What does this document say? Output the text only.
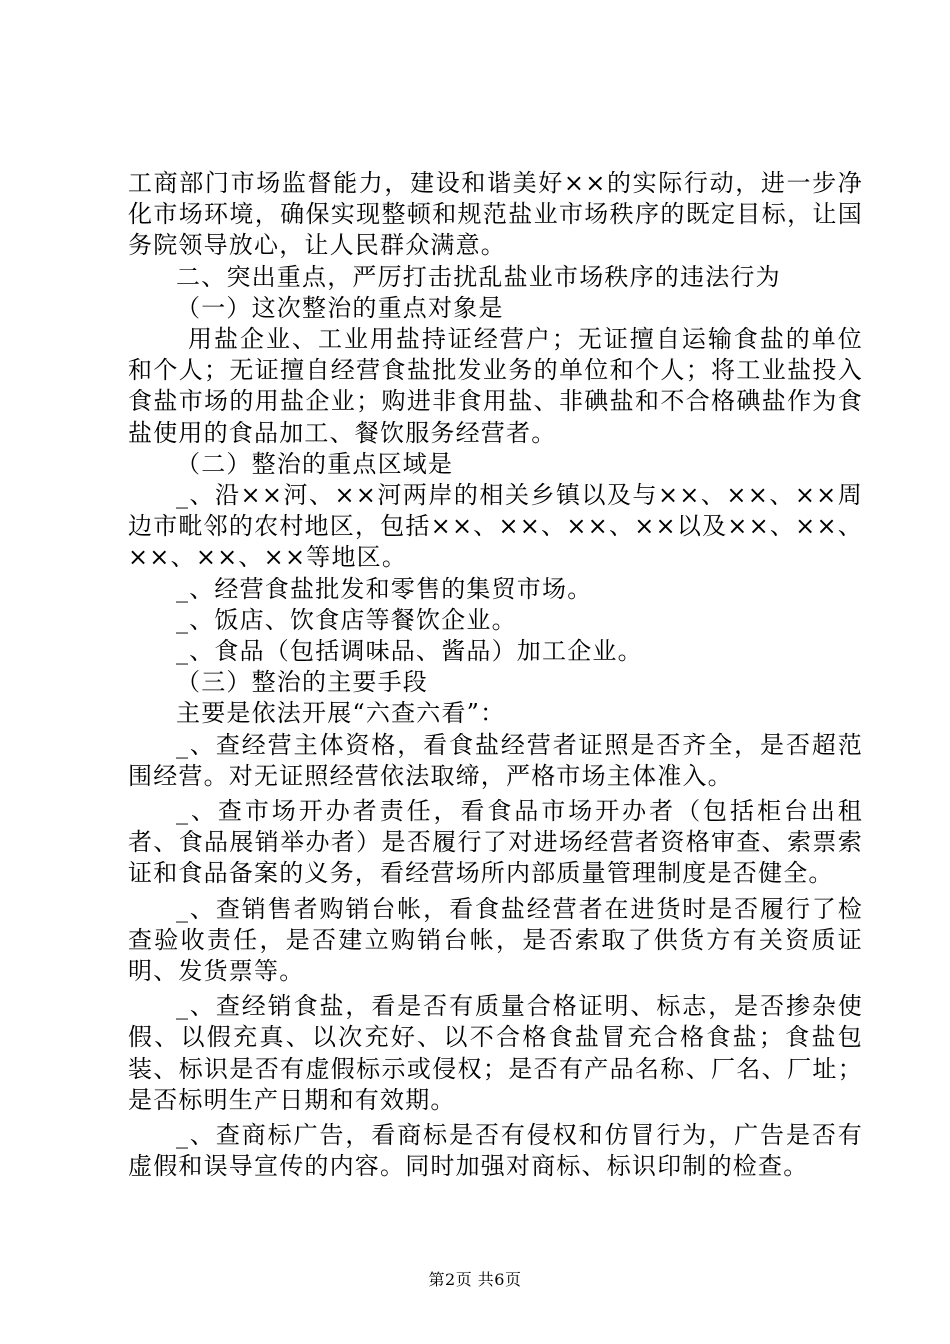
工商部门市场监督能力，建设和谐美好××的实际行动，进一步净化市场环境，确保实现整顿和规范盐业市场秩序的既定目标，让国务院领导放心，让人民群众满意。

二、突出重点，严厉打击扰乱盐业市场秩序的违法行为

（一）这次整治的重点对象是

用盐企业、工业用盐持证经营户；无证擅自运输食盐的单位和个人；无证擅自经营食盐批发业务的单位和个人；将工业盐投入食盐市场的用盐企业；购进非食用盐、非碘盐和不合格碘盐作为食盐使用的食品加工、餐饮服务经营者。

（二）整治的重点区域是

_、沿××河、××河两岸的相关乡镇以及与××、××、××周边市毗邻的农村地区，包括××、××、××、××以及××、××、××、××、××等地区。

_、经营食盐批发和零售的集贸市场。

_、饭店、饮食店等餐饮企业。

_、食品（包括调味品、酱品）加工企业。

（三）整治的主要手段

主要是依法开展“六查六看”：

_、查经营主体资格，看食盐经营者证照是否齐全，是否超范围经营。对无证照经营依法取缔，严格市场主体准入。

_、查市场开办者责任，看食品市场开办者（包括柜台出租者、食品展销举办者）是否履行了对进场经营者资格审查、索票索证和食品备案的义务，看经营场所内部质量管理制度是否健全。

_、查销售者购销台帐，看食盐经营者在进货时是否履行了检查验收责任，是否建立购销台帐，是否索取了供货方有关资质证明、发货票等。

_、查经销食盐，看是否有质量合格证明、标志，是否掺杂使假、以假充真、以次充好、以不合格食盐冒充合格食盐；食盐包装、标识是否有虚假标示或侵权；是否有产品名称、厂名、厂址；是否标明生产日期和有效期。

_、查商标广告，看商标是否有侵权和仿冒行为，广告是否有虚假和误导宣传的内容。同时加强对商标、标识印制的检查。

第2页 共6页
